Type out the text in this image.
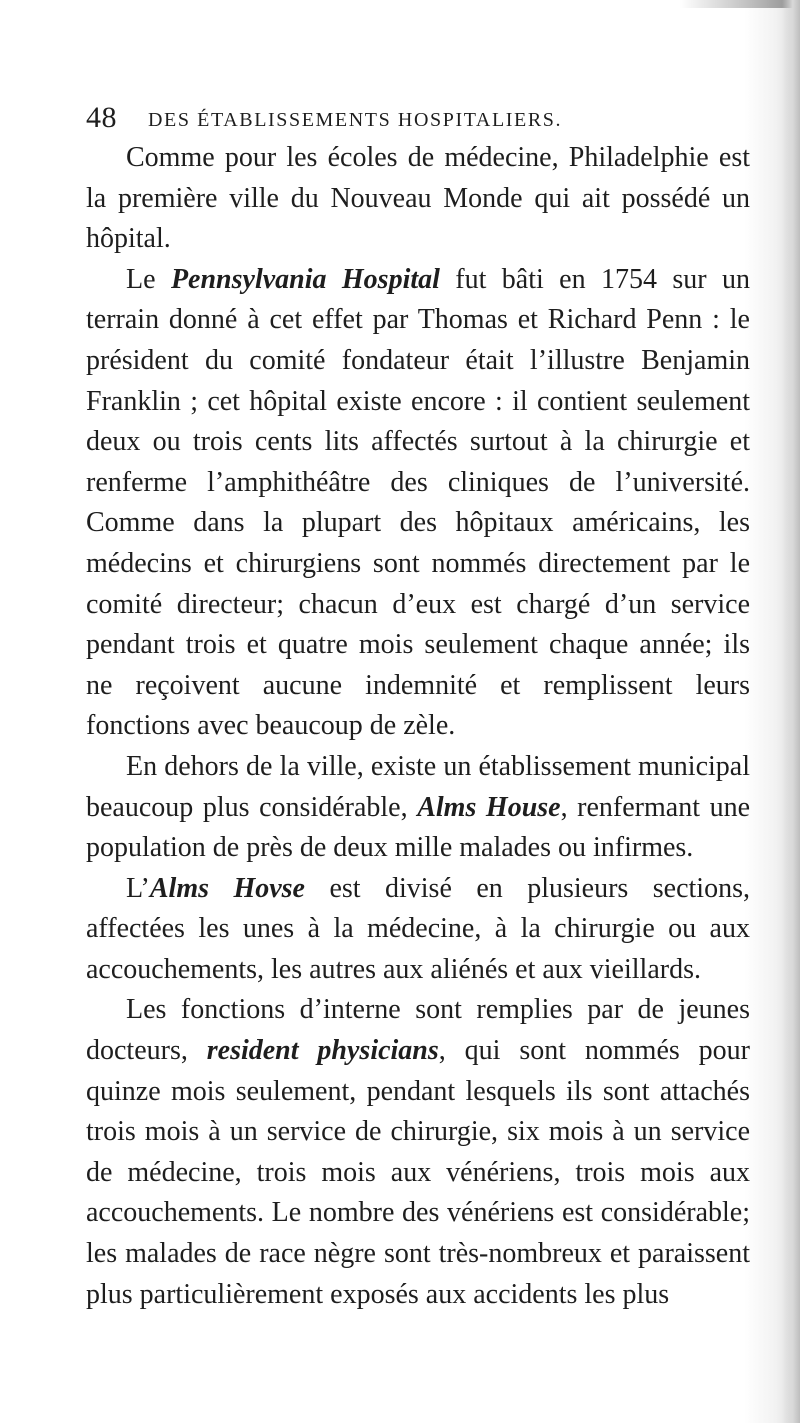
48 DES ÉTABLISSEMENTS HOSPITALIERS.

Comme pour les écoles de médecine, Philadelphie est la première ville du Nouveau Monde qui ait possédé un hôpital.

Le Pennsylvania Hospital fut bâti en 1754 sur un terrain donné à cet effet par Thomas et Richard Penn : le président du comité fondateur était l’illustre Benjamin Franklin ; cet hôpital existe encore : il contient seulement deux ou trois cents lits affectés surtout à la chirurgie et renferme l’amphithéâtre des cliniques de l’université. Comme dans la plupart des hôpitaux américains, les médecins et chirurgiens sont nommés directement par le comité directeur; chacun d’eux est chargé d’un service pendant trois et quatre mois seulement chaque année; ils ne reçoivent aucune indemnité et remplissent leurs fonctions avec beaucoup de zèle.

En dehors de la ville, existe un établissement municipal beaucoup plus considérable, Alms House, renfermant une population de près de deux mille malades ou infirmes.

L’Alms Hovse est divisé en plusieurs sections, affectées les unes à la médecine, à la chirurgie ou aux accouchements, les autres aux aliénés et aux vieillards.

Les fonctions d’interne sont remplies par de jeunes docteurs, resident physicians, qui sont nommés pour quinze mois seulement, pendant lesquels ils sont attachés trois mois à un service de chirurgie, six mois à un service de médecine, trois mois aux vénériens, trois mois aux accouchements. Le nombre des vénériens est considérable; les malades de race nègre sont très-nombreux et paraissent plus particulièrement exposés aux accidents les plus
